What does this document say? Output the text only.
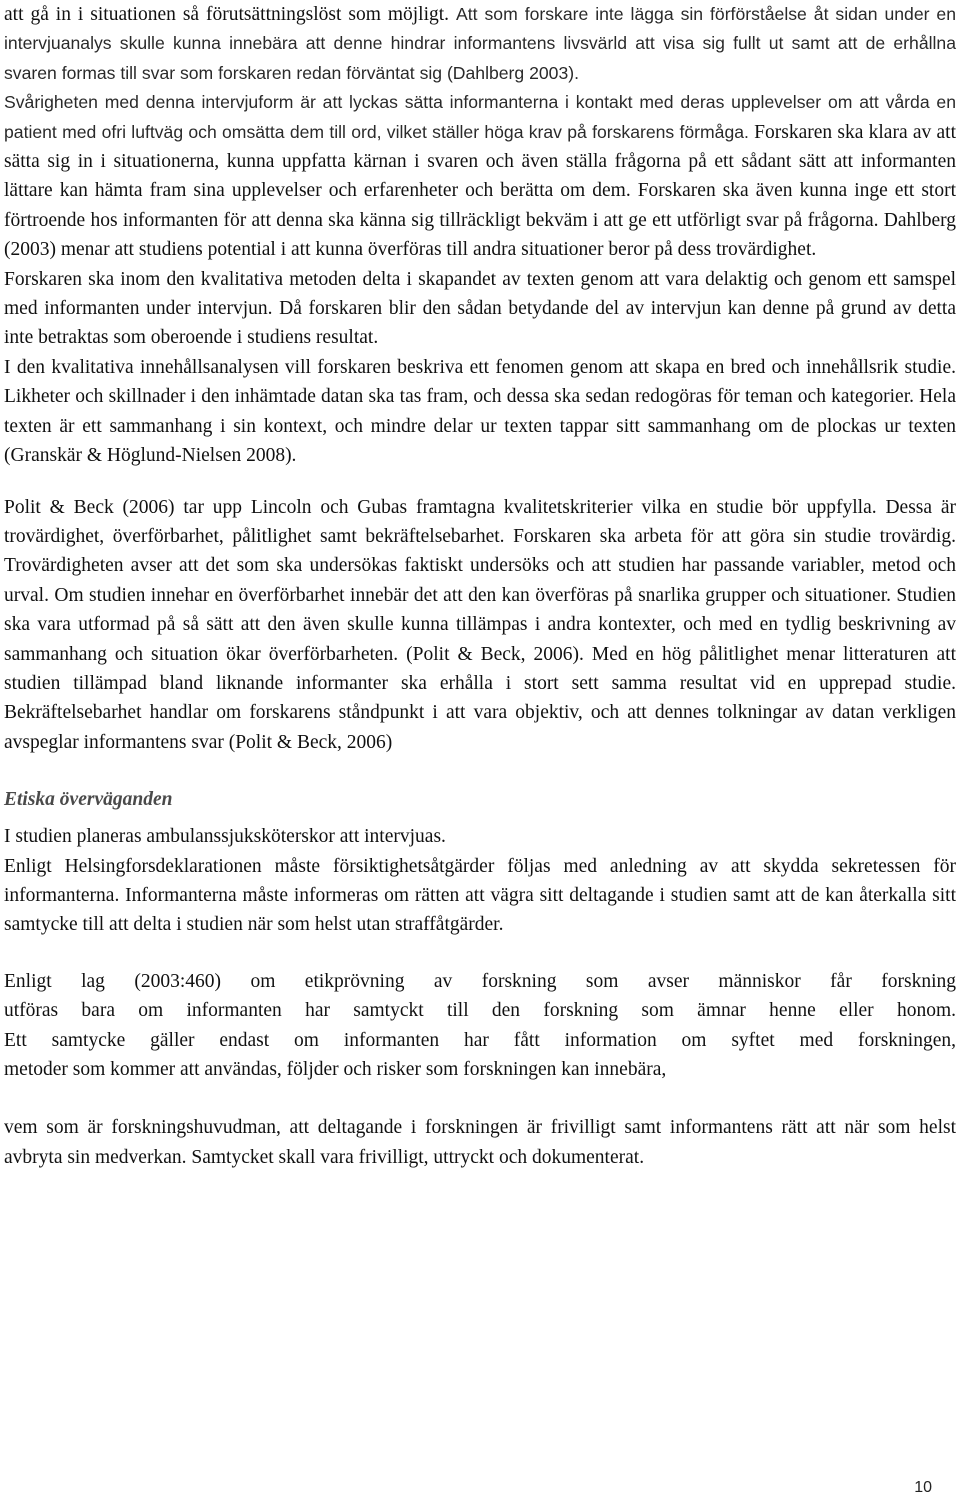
att gå in i situationen så förutsättningslöst som möjligt. Att som forskare inte lägga sin förförståelse åt sidan under en intervjuanalys skulle kunna innebära att denne hindrar informantens livsvärld att visa sig fullt ut samt att de erhållna svaren formas till svar som forskaren redan förväntat sig (Dahlberg 2003).

Svårigheten med denna intervjuform är att lyckas sätta informanterna i kontakt med deras upplevelser om att vårda en patient med ofri luftväg och omsätta dem till ord, vilket ställer höga krav på forskarens förmåga. Forskaren ska klara av att sätta sig in i situationerna, kunna uppfatta kärnan i svaren och även ställa frågorna på ett sådant sätt att informanten lättare kan hämta fram sina upplevelser och erfarenheter och berätta om dem. Forskaren ska även kunna inge ett stort förtroende hos informanten för att denna ska känna sig tillräckligt bekväm i att ge ett utförligt svar på frågorna. Dahlberg (2003) menar att studiens potential i att kunna överföras till andra situationer beror på dess trovärdighet.

Forskaren ska inom den kvalitativa metoden delta i skapandet av texten genom att vara delaktig och genom ett samspel med informanten under intervjun. Då forskaren blir den sådan betydande del av intervjun kan denne på grund av detta inte betraktas som oberoende i studiens resultat.

I den kvalitativa innehållsanalysen vill forskaren beskriva ett fenomen genom att skapa en bred och innehållsrik studie. Likheter och skillnader i den inhämtade datan ska tas fram, och dessa ska sedan redogöras för teman och kategorier. Hela texten är ett sammanhang i sin kontext, och mindre delar ur texten tappar sitt sammanhang om de plockas ur texten (Granskär & Höglund-Nielsen 2008).

Polit & Beck (2006) tar upp Lincoln och Gubas framtagna kvalitetskriterier vilka en studie bör uppfylla. Dessa är trovärdighet, överförbarhet, pålitlighet samt bekräftelsebarhet. Forskaren ska arbeta för att göra sin studie trovärdig. Trovärdigheten avser att det som ska undersökas faktiskt undersöks och att studien har passande variabler, metod och urval. Om studien innehar en överförbarhet innebär det att den kan överföras på snarlika grupper och situationer. Studien ska vara utformad på så sätt att den även skulle kunna tillämpas i andra kontexter, och med en tydlig beskrivning av sammanhang och situation ökar överförbarheten. (Polit & Beck, 2006). Med en hög pålitlighet menar litteraturen att studien tillämpad bland liknande informanter ska erhålla i stort sett samma resultat vid en upprepad studie. Bekräftelsebarhet handlar om forskarens ståndpunkt i att vara objektiv, och att dennes tolkningar av datan verkligen avspeglar informantens svar (Polit & Beck, 2006)

Etiska överväganden

I studien planeras ambulanssjuksköterskor att intervjuas.

Enligt Helsingforsdeklarationen måste försiktighetsåtgärder följas med anledning av att skydda sekretessen för informanterna. Informanterna måste informeras om rätten att vägra sitt deltagande i studien samt att de kan återkalla sitt samtycke till att delta i studien när som helst utan straffåtgärder.

Enligt lag (2003:460) om etikprövning av forskning som avser människor får forskning
utföras bara om informanten har samtyckt till den forskning som ämnar henne eller honom.
Ett samtycke gäller endast om informanten har fått information om syftet med forskningen,
metoder som kommer att användas, följder och risker som forskningen kan innebära,

vem som är forskningshuvudman, att deltagande i forskningen är frivilligt samt informantens rätt att när som helst avbryta sin medverkan. Samtycket skall vara frivilligt, uttryckt och dokumenterat.

10
